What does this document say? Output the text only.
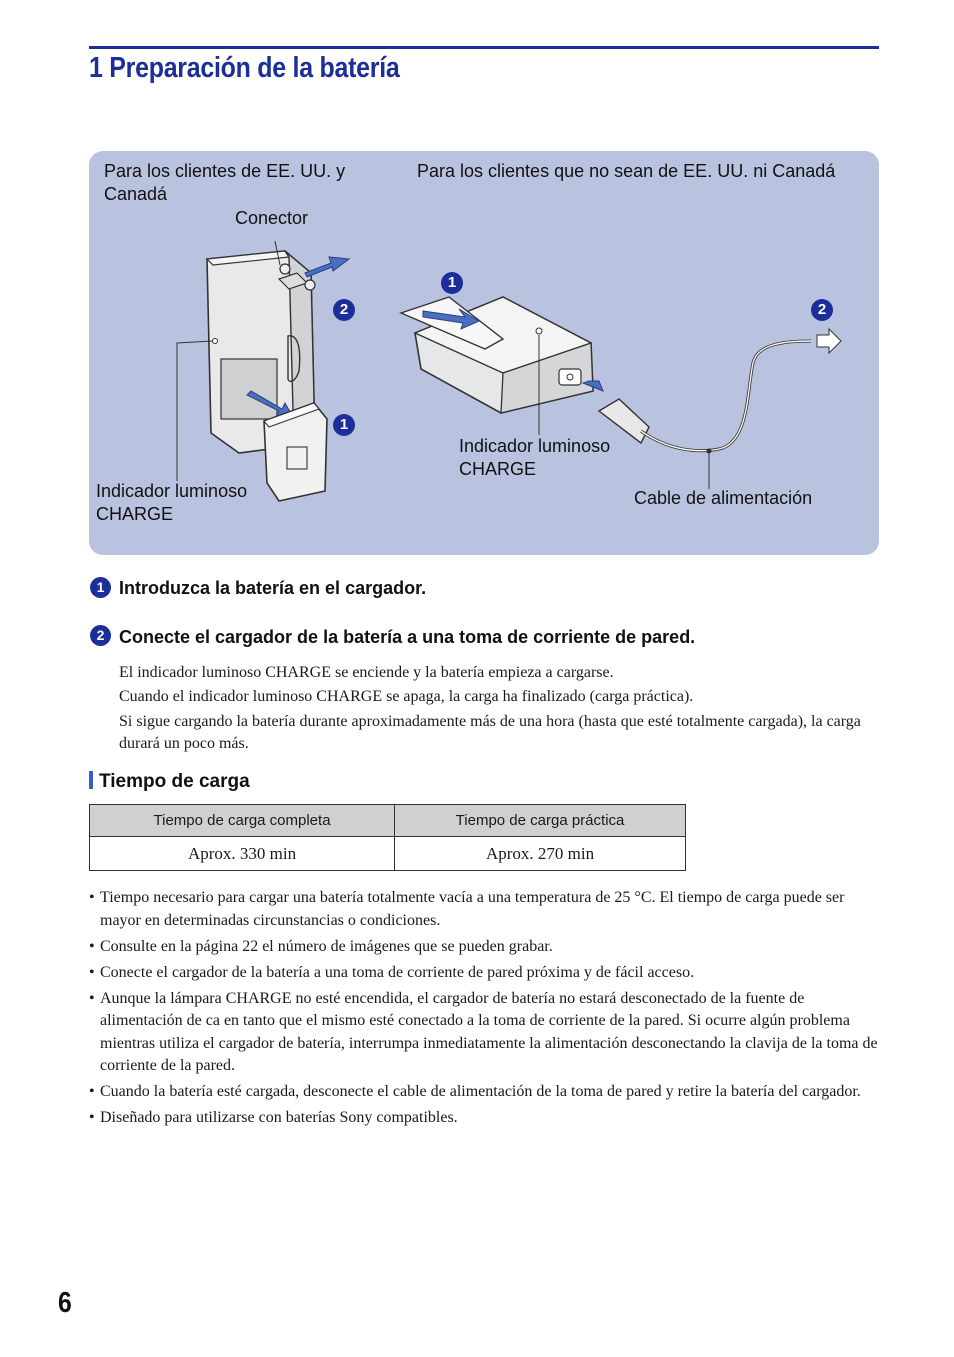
1 Preparación de la batería
Para los clientes de EE. UU. y Canadá
Para los clientes que no sean de EE. UU. ni Canadá
Conector
Indicador luminoso CHARGE
Indicador luminoso CHARGE
Cable de alimentación
2
1
1
2
1 Introduzca la batería en el cargador.
2 Conecte el cargador de la batería a una toma de corriente de pared.
El indicador luminoso CHARGE se enciende y la batería empieza a cargarse.
Cuando el indicador luminoso CHARGE se apaga, la carga ha finalizado (carga práctica).
Si sigue cargando la batería durante aproximadamente más de una hora (hasta que esté totalmente cargada), la carga durará un poco más.
Tiempo de carga
Tiempo de carga completa	Tiempo de carga práctica
Aprox. 330 min	Aprox. 270 min
• Tiempo necesario para cargar una batería totalmente vacía a una temperatura de 25 °C. El tiempo de carga puede ser mayor en determinadas circunstancias o condiciones.
• Consulte en la página 22 el número de imágenes que se pueden grabar.
• Conecte el cargador de la batería a una toma de corriente de pared próxima y de fácil acceso.
• Aunque la lámpara CHARGE no esté encendida, el cargador de batería no estará desconectado de la fuente de alimentación de ca en tanto que el mismo esté conectado a la toma de corriente de la pared. Si ocurre algún problema mientras utiliza el cargador de batería, interrumpa inmediatamente la alimentación desconectando la clavija de la toma de corriente de la pared.
• Cuando la batería esté cargada, desconecte el cable de alimentación de la toma de pared y retire la batería del cargador.
• Diseñado para utilizarse con baterías Sony compatibles.
6
